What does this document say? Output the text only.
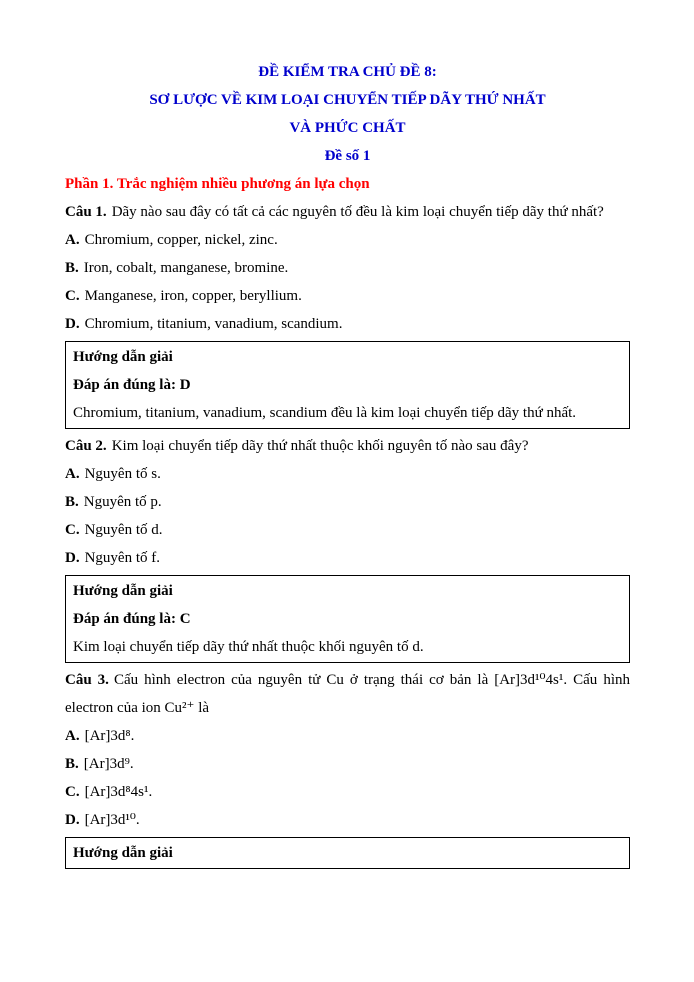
ĐỀ KIỂM TRA CHỦ ĐỀ 8:

SƠ LƯỢC VỀ KIM LOẠI CHUYỂN TIẾP DÃY THỨ NHẤT

VÀ PHỨC CHẤT

Đề số 1

Phần 1. Trắc nghiệm nhiều phương án lựa chọn

Câu 1. Dãy nào sau đây có tất cả các nguyên tố đều là kim loại chuyển tiếp dãy thứ nhất?

A. Chromium, copper, nickel, zinc.

B. Iron, cobalt, manganese, bromine.

C. Manganese, iron, copper, beryllium.

D. Chromium, titanium, vanadium, scandium.

Hướng dẫn giải

Đáp án đúng là: D

Chromium, titanium, vanadium, scandium đều là kim loại chuyển tiếp dãy thứ nhất.

Câu 2. Kim loại chuyển tiếp dãy thứ nhất thuộc khối nguyên tố nào sau đây?

A. Nguyên tố s.

B. Nguyên tố p.

C. Nguyên tố d.

D. Nguyên tố f.

Hướng dẫn giải

Đáp án đúng là: C

Kim loại chuyển tiếp dãy thứ nhất thuộc khối nguyên tố d.

Câu 3. Cấu hình electron của nguyên tử Cu ở trạng thái cơ bản là [Ar]3d¹⁰4s¹. Cấu hình electron của ion Cu²⁺ là

A. [Ar]3d⁸.

B. [Ar]3d⁹.

C. [Ar]3d⁸4s¹.

D. [Ar]3d¹⁰.

Hướng dẫn giải
